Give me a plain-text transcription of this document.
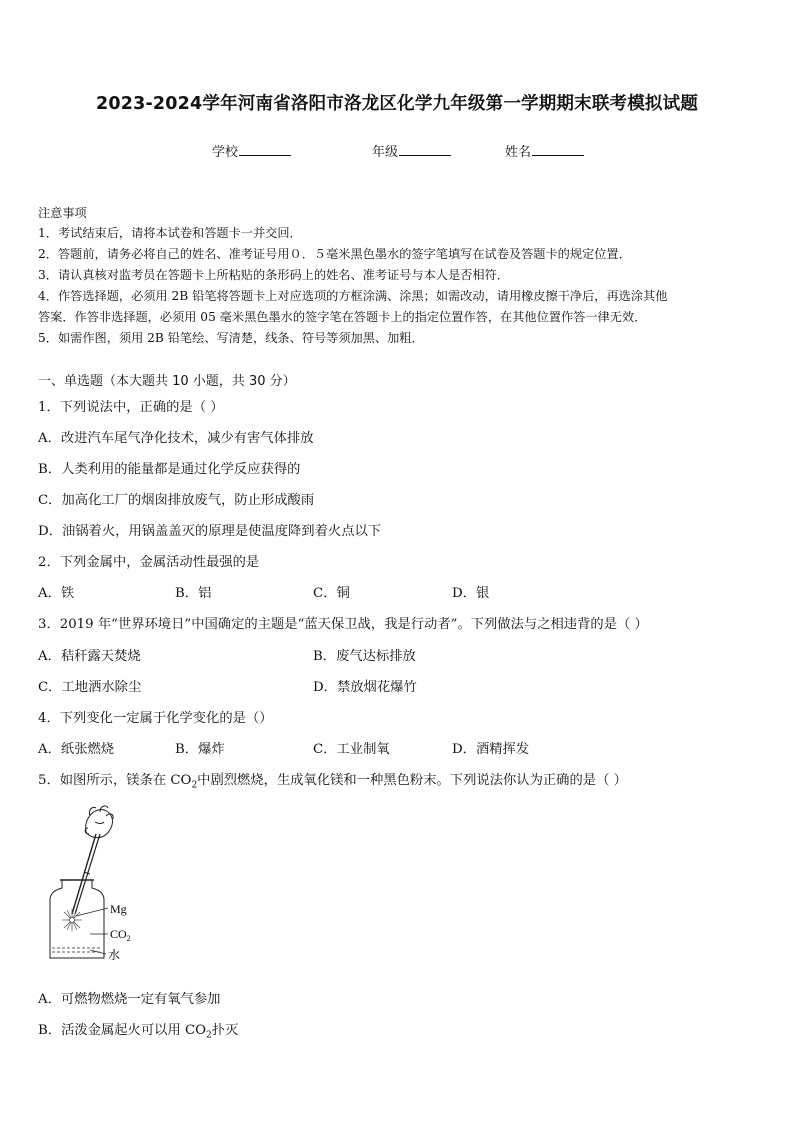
2023-2024学年河南省洛阳市洛龙区化学九年级第一学期期末联考模拟试题
学校	年级	姓名
注意事项
1．考试结束后，请将本试卷和答题卡一并交回．
2．答题前，请务必将自己的姓名、准考证号用０．５毫米黑色墨水的签字笔填写在试卷及答题卡的规定位置．
3．请认真核对监考员在答题卡上所粘贴的条形码上的姓名、准考证号与本人是否相符．
4．作答选择题，必须用 2B 铅笔将答题卡上对应选项的方框涂满、涂黑；如需改动，请用橡皮擦干净后，再选涂其他
答案．作答非选择题，必须用 05 毫米黑色墨水的签字笔在答题卡上的指定位置作答，在其他位置作答一律无效．
5．如需作图，须用 2B 铅笔绘、写清楚，线条、符号等须加黑、加粗．
一、单选题（本大题共 10 小题，共 30 分）
1．下列说法中，正确的是（ ）
A．改进汽车尾气净化技术，减少有害气体排放
B．人类利用的能量都是通过化学反应获得的
C．加高化工厂的烟囱排放废气，防止形成酸雨
D．油锅着火，用锅盖盖灭的原理是使温度降到着火点以下
2．下列金属中，金属活动性最强的是
A．铁	B．铝	C．铜	D．银
3．2019 年“世界环境日”中国确定的主题是“蓝天保卫战，我是行动者”。下列做法与之相违背的是（ ）
A．秸秆露天焚烧	B．废气达标排放
C．工地洒水除尘	D．禁放烟花爆竹
4．下列变化一定属于化学变化的是（）
A．纸张燃烧	B．爆炸	C．工业制氧	D．酒精挥发
5．如图所示，镁条在 $CO_2$中剧烈燃烧，生成氧化镁和一种黑色粉末。下列说法你认为正确的是（ ）
Mg
$CO_2$
水
A．可燃物燃烧一定有氧气参加
B．活泼金属起火可以用 $CO_2$扑灭
